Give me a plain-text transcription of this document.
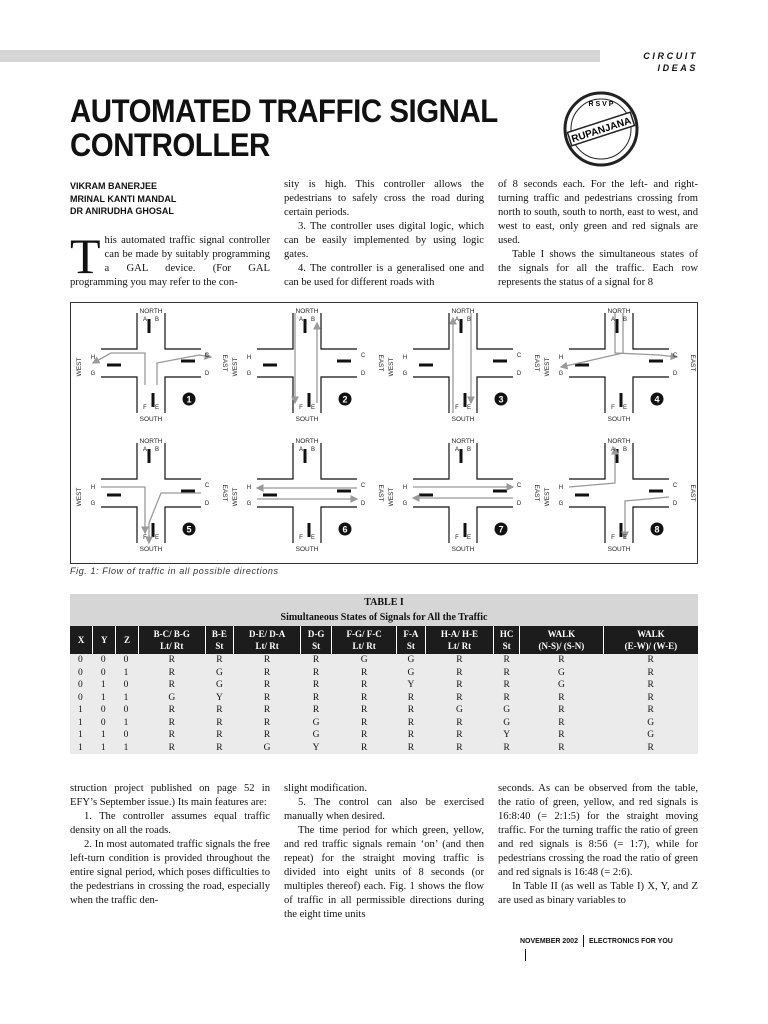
CIRCUIT IDEAS
AUTOMATED TRAFFIC SIGNAL
CONTROLLER	RUPANJANA
R S V P
VIKRAM BANERJEE
MRINAL KANTI MANDAL
DR ANIRUDHA GHOSAL

This automated traffic signal controller can be made by suitably programming a GAL device. (For GAL programming you may refer to the con-

sity is high. This controller allows the pedestrians to safely cross the road during certain periods.

3. The controller uses digital logic, which can be easily implemented by using logic gates.

4. The controller is a generalised one and can be used for different roads with

of 8 seconds each. For the left- and right-turning traffic and pedestrians crossing from north to south, south to north, east to west, and west to east, only green and red signals are used.

Table I shows the simultaneous states of the signals for all the traffic. Each row represents the status of a signal for 8

NORTH
SOUTH
WEST	EAST
A B
C
D
E
F
G
H
1
NORTH
SOUTH
WEST	EAST
A B
C
D
E
F
G
H
2
NORTH
SOUTH
WEST	EAST
A B
C
D
E
F
G
H
3
NORTH
SOUTH
WEST	EAST
A B
C
D
E
F
G
H
4
NORTH
SOUTH
WEST	EAST
A B
C
D
E
F
G
H
5
NORTH
SOUTH
WEST	EAST
A B
C
D
E
F
G
H
6
NORTH
SOUTH
WEST	EAST
A B
C
D
E
F
G
H
7
NORTH
SOUTH
WEST	EAST
A B
C
D
E
F
G
H
8
Fig. 1: Flow of traffic in all possible directions
TABLE I
Simultaneous States of Signals for All the Traffic
X	Y	Z	B-C/ B-G
Lt/ Rt	B-E
St	D-E/ D-A
Lt/ Rt	D-G
St	F-G/ F-C
Lt/ Rt	F-A
St	H-A/ H-E
Lt/ Rt	HC
St	WALK
(N-S)/ (S-N)	WALK
(E-W)/ (W-E)

0	0	0	R	R	R	R	G	G	R	R	R	R
0	0	1	R	G	R	R	R	G	R	R	G	R
0	1	0	R	G	R	R	R	Y	R	R	G	R
0	1	1	G	Y	R	R	R	R	R	R	R	R
1	0	0	R	R	R	R	R	R	G	G	R	R
1	0	1	R	R	R	G	R	R	R	G	R	G
1	1	0	R	R	R	G	R	R	R	Y	R	G
1	1	1	R	R	G	Y	R	R	R	R	R	R

struction project published on page 52 in EFY’s September issue.) Its main features are:

1. The controller assumes equal traffic density on all the roads.

2. In most automated traffic signals the free left-turn condition is provided throughout the entire signal period, which poses difficulties to the pedestrians in crossing the road, especially when the traffic den-

slight modification.

5. The control can also be exercised manually when desired.

The time period for which green, yellow, and red traffic signals remain ‘on’ (and then repeat) for the straight moving traffic is divided into eight units of 8 seconds (or multiples thereof) each. Fig. 1 shows the flow of traffic in all permissible directions during the eight time units

seconds. As can be observed from the table, the ratio of green, yellow, and red signals is 16:8:40 (= 2:1:5) for the straight moving traffic. For the turning traffic the ratio of green and red signals is 8:56 (= 1:7), while for pedestrians crossing the road the ratio of green and red signals is 16:48 (= 2:6).

In Table II (as well as Table I) X, Y, and Z are used as binary variables to

NOVEMBER 2002 ELECTRONICS FOR YOU
